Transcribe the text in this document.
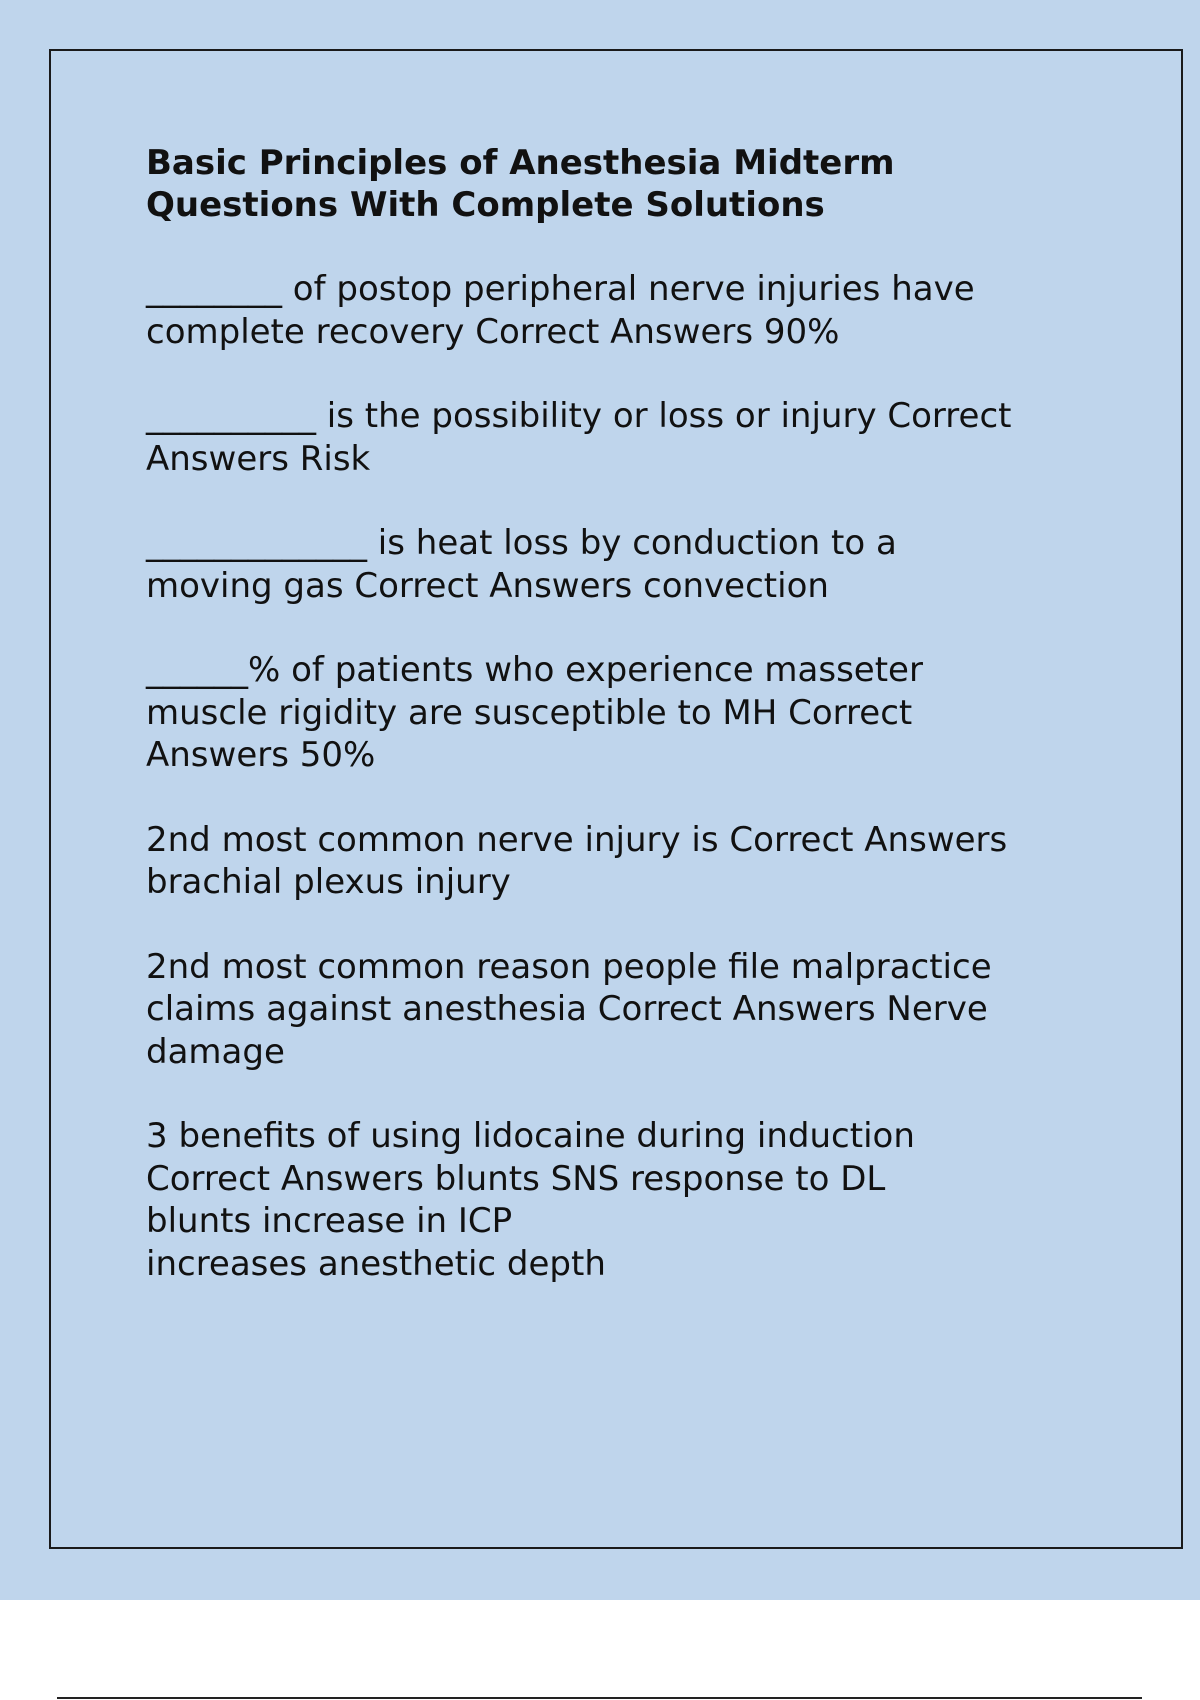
Basic Principles of Anesthesia Midterm
Questions With Complete Solutions
________ of postop peripheral nerve injuries have
complete recovery Correct Answers 90%
__________ is the possibility or loss or injury Correct
Answers Risk
_____________ is heat loss by conduction to a
moving gas Correct Answers convection
______% of patients who experience masseter
muscle rigidity are susceptible to MH Correct
Answers 50%
2nd most common nerve injury is Correct Answers
brachial plexus injury
2nd most common reason people file malpractice
claims against anesthesia Correct Answers Nerve
damage
3 benefits of using lidocaine during induction
Correct Answers blunts SNS response to DL
blunts increase in ICP
increases anesthetic depth
